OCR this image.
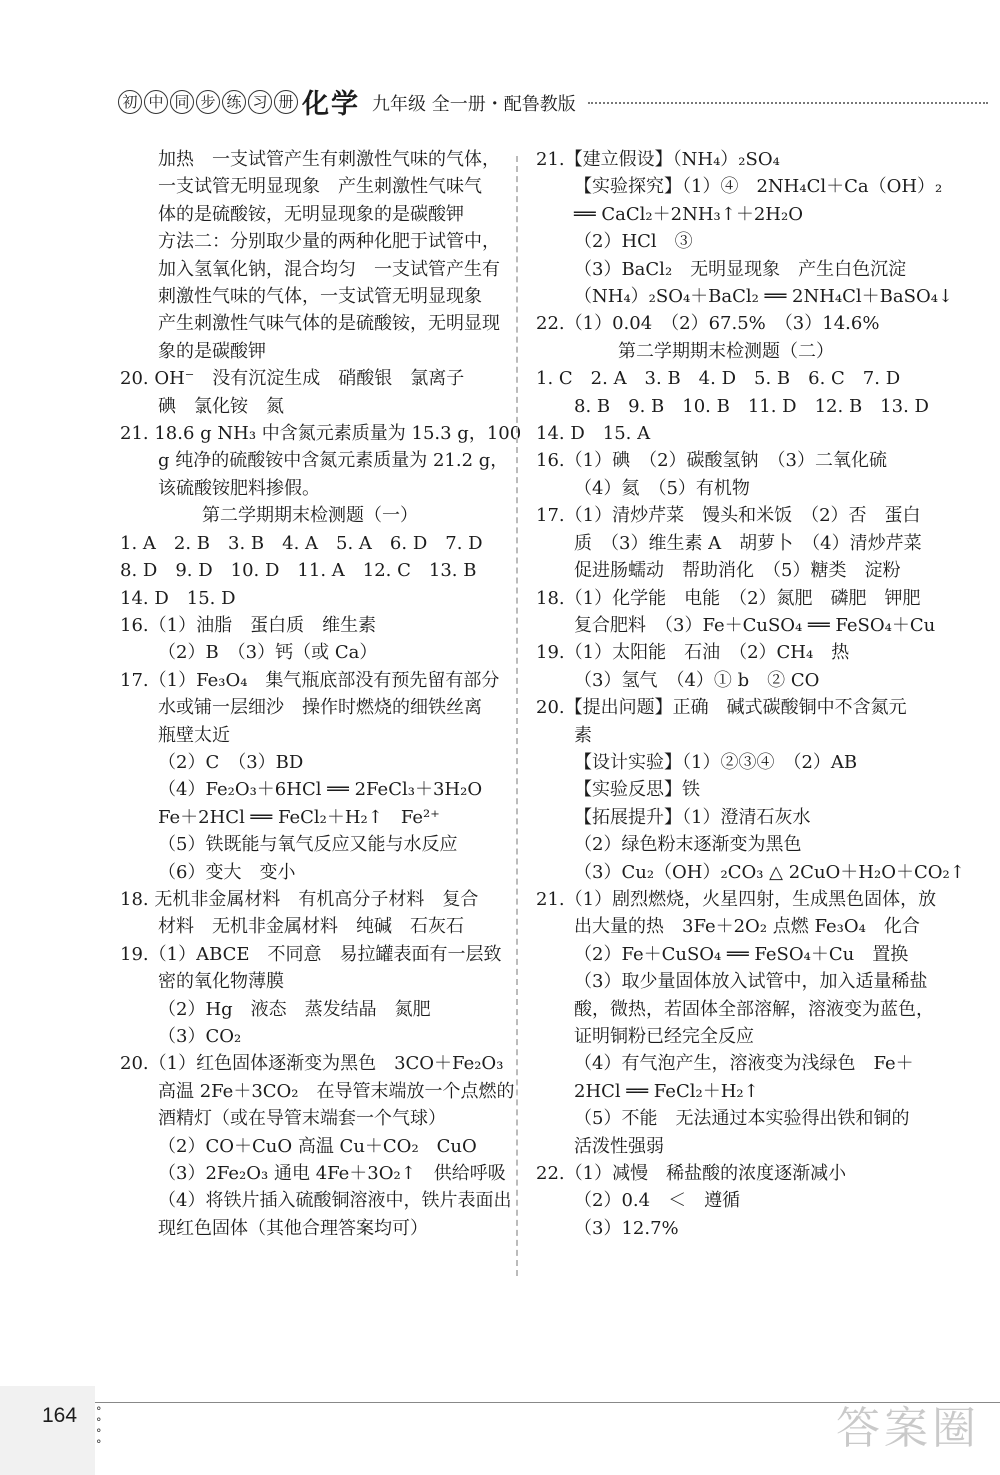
初 中 同 步 练 习 册 化学 九年级 全一册・配鲁教版
加热　一支试管产生有刺激性气味的气体，
一支试管无明显现象　产生刺激性气味气
体的是硫酸铵，无明显现象的是碳酸钾
方法二：分别取少量的两种化肥于试管中，
加入氢氧化钠，混合均匀　一支试管产生有
刺激性气味的气体，一支试管无明显现象
产生刺激性气味气体的是硫酸铵，无明显现
象的是碳酸钾
20. OH⁻　没有沉淀生成　硝酸银　氯离子
碘　氯化铵　氮
21. 18.6 g NH₃ 中含氮元素质量为 15.3 g，100
g 纯净的硫酸铵中含氮元素质量为 21.2 g，
该硫酸铵肥料掺假。
第二学期期末检测题（一）
1. A　2. B　3. B　4. A　5. A　6. D　7. D
8. D　9. D　10. D　11. A　12. C　13. B
14. D　15. D
16.（1）油脂　蛋白质　维生素
（2）B　（3）钙（或 Ca）
17.（1）Fe₃O₄　集气瓶底部没有预先留有部分
水或铺一层细沙　操作时燃烧的细铁丝离
瓶壁太近
（2）C　（3）BD
（4）Fe₂O₃＋6HCl ══ 2FeCl₃＋3H₂O
Fe＋2HCl ══ FeCl₂＋H₂↑　Fe²⁺
（5）铁既能与氧气反应又能与水反应
（6）变大　变小
18. 无机非金属材料　有机高分子材料　复合
材料　无机非金属材料　纯碱　石灰石
19.（1）ABCE　不同意　易拉罐表面有一层致
密的氧化物薄膜
（2）Hg　液态　蒸发结晶　氮肥
（3）CO₂
20.（1）红色固体逐渐变为黑色　3CO＋Fe₂O₃
高温 2Fe＋3CO₂　在导管末端放一个点燃的
酒精灯（或在导管末端套一个气球）
（2）CO＋CuO 高温 Cu＋CO₂　CuO
（3）2Fe₂O₃ 通电 4Fe＋3O₂↑　供给呼吸
（4）将铁片插入硫酸铜溶液中，铁片表面出
现红色固体（其他合理答案均可）
21.【建立假设】（NH₄）₂SO₄
【实验探究】（1）④　2NH₄Cl＋Ca（OH）₂
══ CaCl₂＋2NH₃↑＋2H₂O
（2）HCl　③
（3）BaCl₂　无明显现象　产生白色沉淀
（NH₄）₂SO₄＋BaCl₂ ══ 2NH₄Cl＋BaSO₄↓
22.（1）0.04　（2）67.5%　（3）14.6%
第二学期期末检测题（二）
1. C　2. A　3. B　4. D　5. B　6. C　7. D
8. B　9. B　10. B　11. D　12. B　13. D
14. D　15. A
16.（1）碘　（2）碳酸氢钠　（3）二氧化硫
（4）氦　（5）有机物
17.（1）清炒芹菜　馒头和米饭　（2）否　蛋白
质　（3）维生素 A　胡萝卜　（4）清炒芹菜
促进肠蠕动　帮助消化　（5）糖类　淀粉
18.（1）化学能　电能　（2）氮肥　磷肥　钾肥
复合肥料　（3）Fe＋CuSO₄ ══ FeSO₄＋Cu
19.（1）太阳能　石油　（2）CH₄　热
（3）氢气　（4）① b　② CO
20.【提出问题】正确　碱式碳酸铜中不含氮元
素
【设计实验】（1）②③④　（2）AB
【实验反思】铁
【拓展提升】（1）澄清石灰水
（2）绿色粉末逐渐变为黑色
（3）Cu₂（OH）₂CO₃ △ 2CuO＋H₂O＋CO₂↑
21.（1）剧烈燃烧，火星四射，生成黑色固体，放
出大量的热　3Fe＋2O₂ 点燃 Fe₃O₄　化合
（2）Fe＋CuSO₄ ══ FeSO₄＋Cu　置换
（3）取少量固体放入试管中，加入适量稀盐
酸，微热，若固体全部溶解，溶液变为蓝色，
证明铜粉已经完全反应
（4）有气泡产生，溶液变为浅绿色　Fe＋
2HCl ══ FeCl₂＋H₂↑
（5）不能　无法通过本实验得出铁和铜的
活泼性强弱
22.（1）减慢　稀盐酸的浓度逐渐减小
（2）0.4　＜　遵循
（3）12.7%
164 °
°
°
°	答案圈
